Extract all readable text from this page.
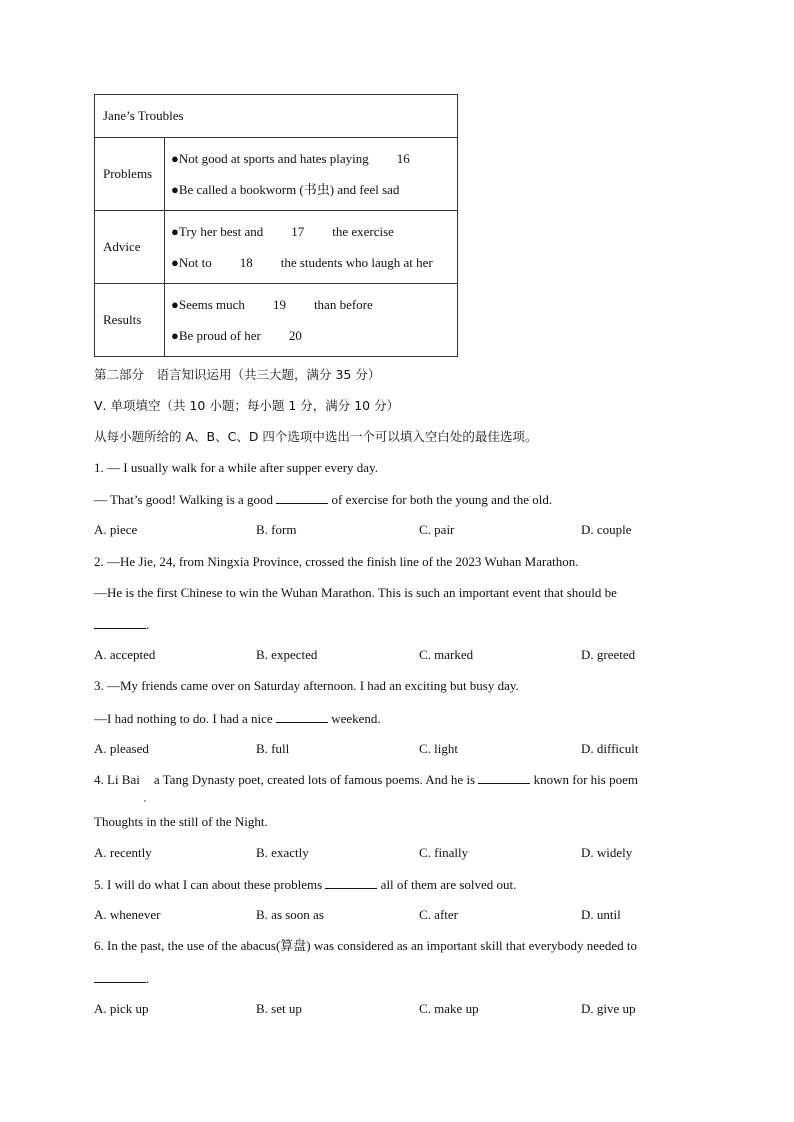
Jane’s Troubles	
Problems	●Not good at sports and hates playing 16
●Be called a bookworm (书虫) and feel sad

Advice	●Try her best and 17 the exercise
●Not to 18 the students who laugh at her

Results	●Seems much 19 than before
●Be proud of her 20
第二部分　语言知识运用（共三大题，满分 35 分）
Ⅴ. 单项填空（共 10 小题；每小题 1 分，满分 10 分）
从每小题所给的 A、B、C、D 四个选项中选出一个可以填入空白处的最佳选项。
1. — I usually walk for a while after supper every day.
— That’s good! Walking is a good	of exercise for both the young and the old.
A. piece	B. form	C. pair	D. couple
2. —He Jie, 24, from Ningxia Province, crossed the finish line of the 2023 Wuhan Marathon.
—He is the first Chinese to win the Wuhan Marathon. This is such an important event that should be
.
A. accepted	B. expected	C. marked	D. greeted
3. —My friends came over on Saturday afternoon. I had an exciting but busy day.
—I had nothing to do. I had a nice	weekend.
A. pleased	B. full	C. light	D. difficult
4. Li Bai
,
a Tang Dynasty poet, created lots of famous poems. And he is	known for his poem
Thoughts in the still of the Night.
A. recently	B. exactly	C. finally	D. widely
5. I will do what I can about these problems	all of them are solved out.
A. whenever	B. as soon as	C. after	D. until
6. In the past, the use of the abacus(算盘) was considered as an important skill that everybody needed to
.
A. pick up	B. set up	C. make up	D. give up
